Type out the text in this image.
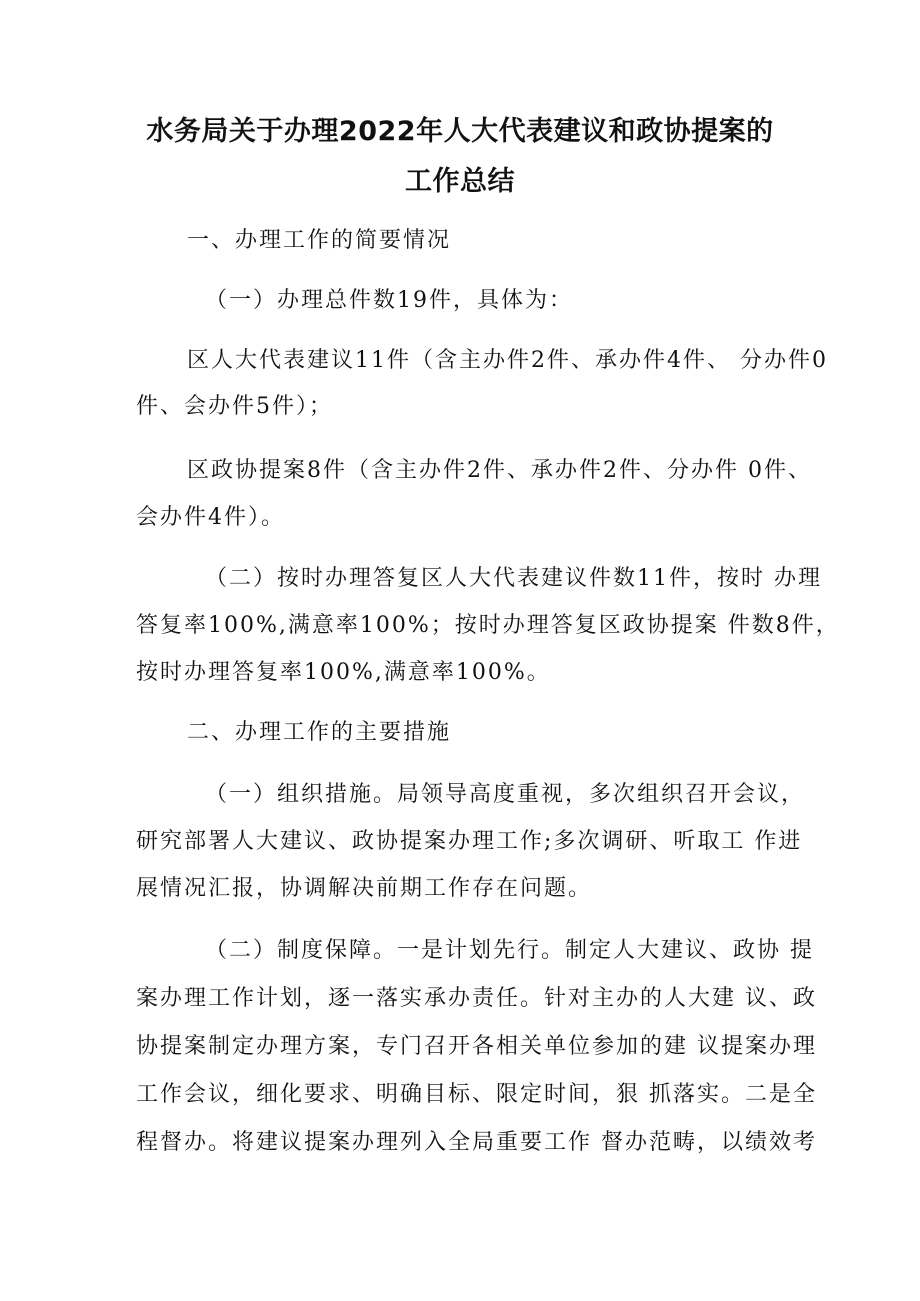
水务局关于办理2022年人大代表建议和政协提案的
工作总结
一、办理工作的简要情况
（一）办理总件数19件，具体为：
区人大代表建议11件（含主办件2件、承办件4件、 分办件0
件、会办件5件）；
区政协提案8件（含主办件2件、承办件2件、分办件 0件、
会办件4件）。
（二）按时办理答复区人大代表建议件数11件，按时 办理
答复率100%,满意率100%；按时办理答复区政协提案 件数8件，
按时办理答复率100%,满意率100%。
二、办理工作的主要措施
（一）组织措施。局领导高度重视，多次组织召开会议，
研究部署人大建议、政协提案办理工作;多次调研、听取工 作进
展情况汇报，协调解决前期工作存在问题。
（二）制度保障。一是计划先行。制定人大建议、政协 提
案办理工作计划，逐一落实承办责任。针对主办的人大建 议、政
协提案制定办理方案，专门召开各相关单位参加的建 议提案办理
工作会议，细化要求、明确目标、限定时间，狠 抓落实。二是全
程督办。将建议提案办理列入全局重要工作 督办范畴，以绩效考
